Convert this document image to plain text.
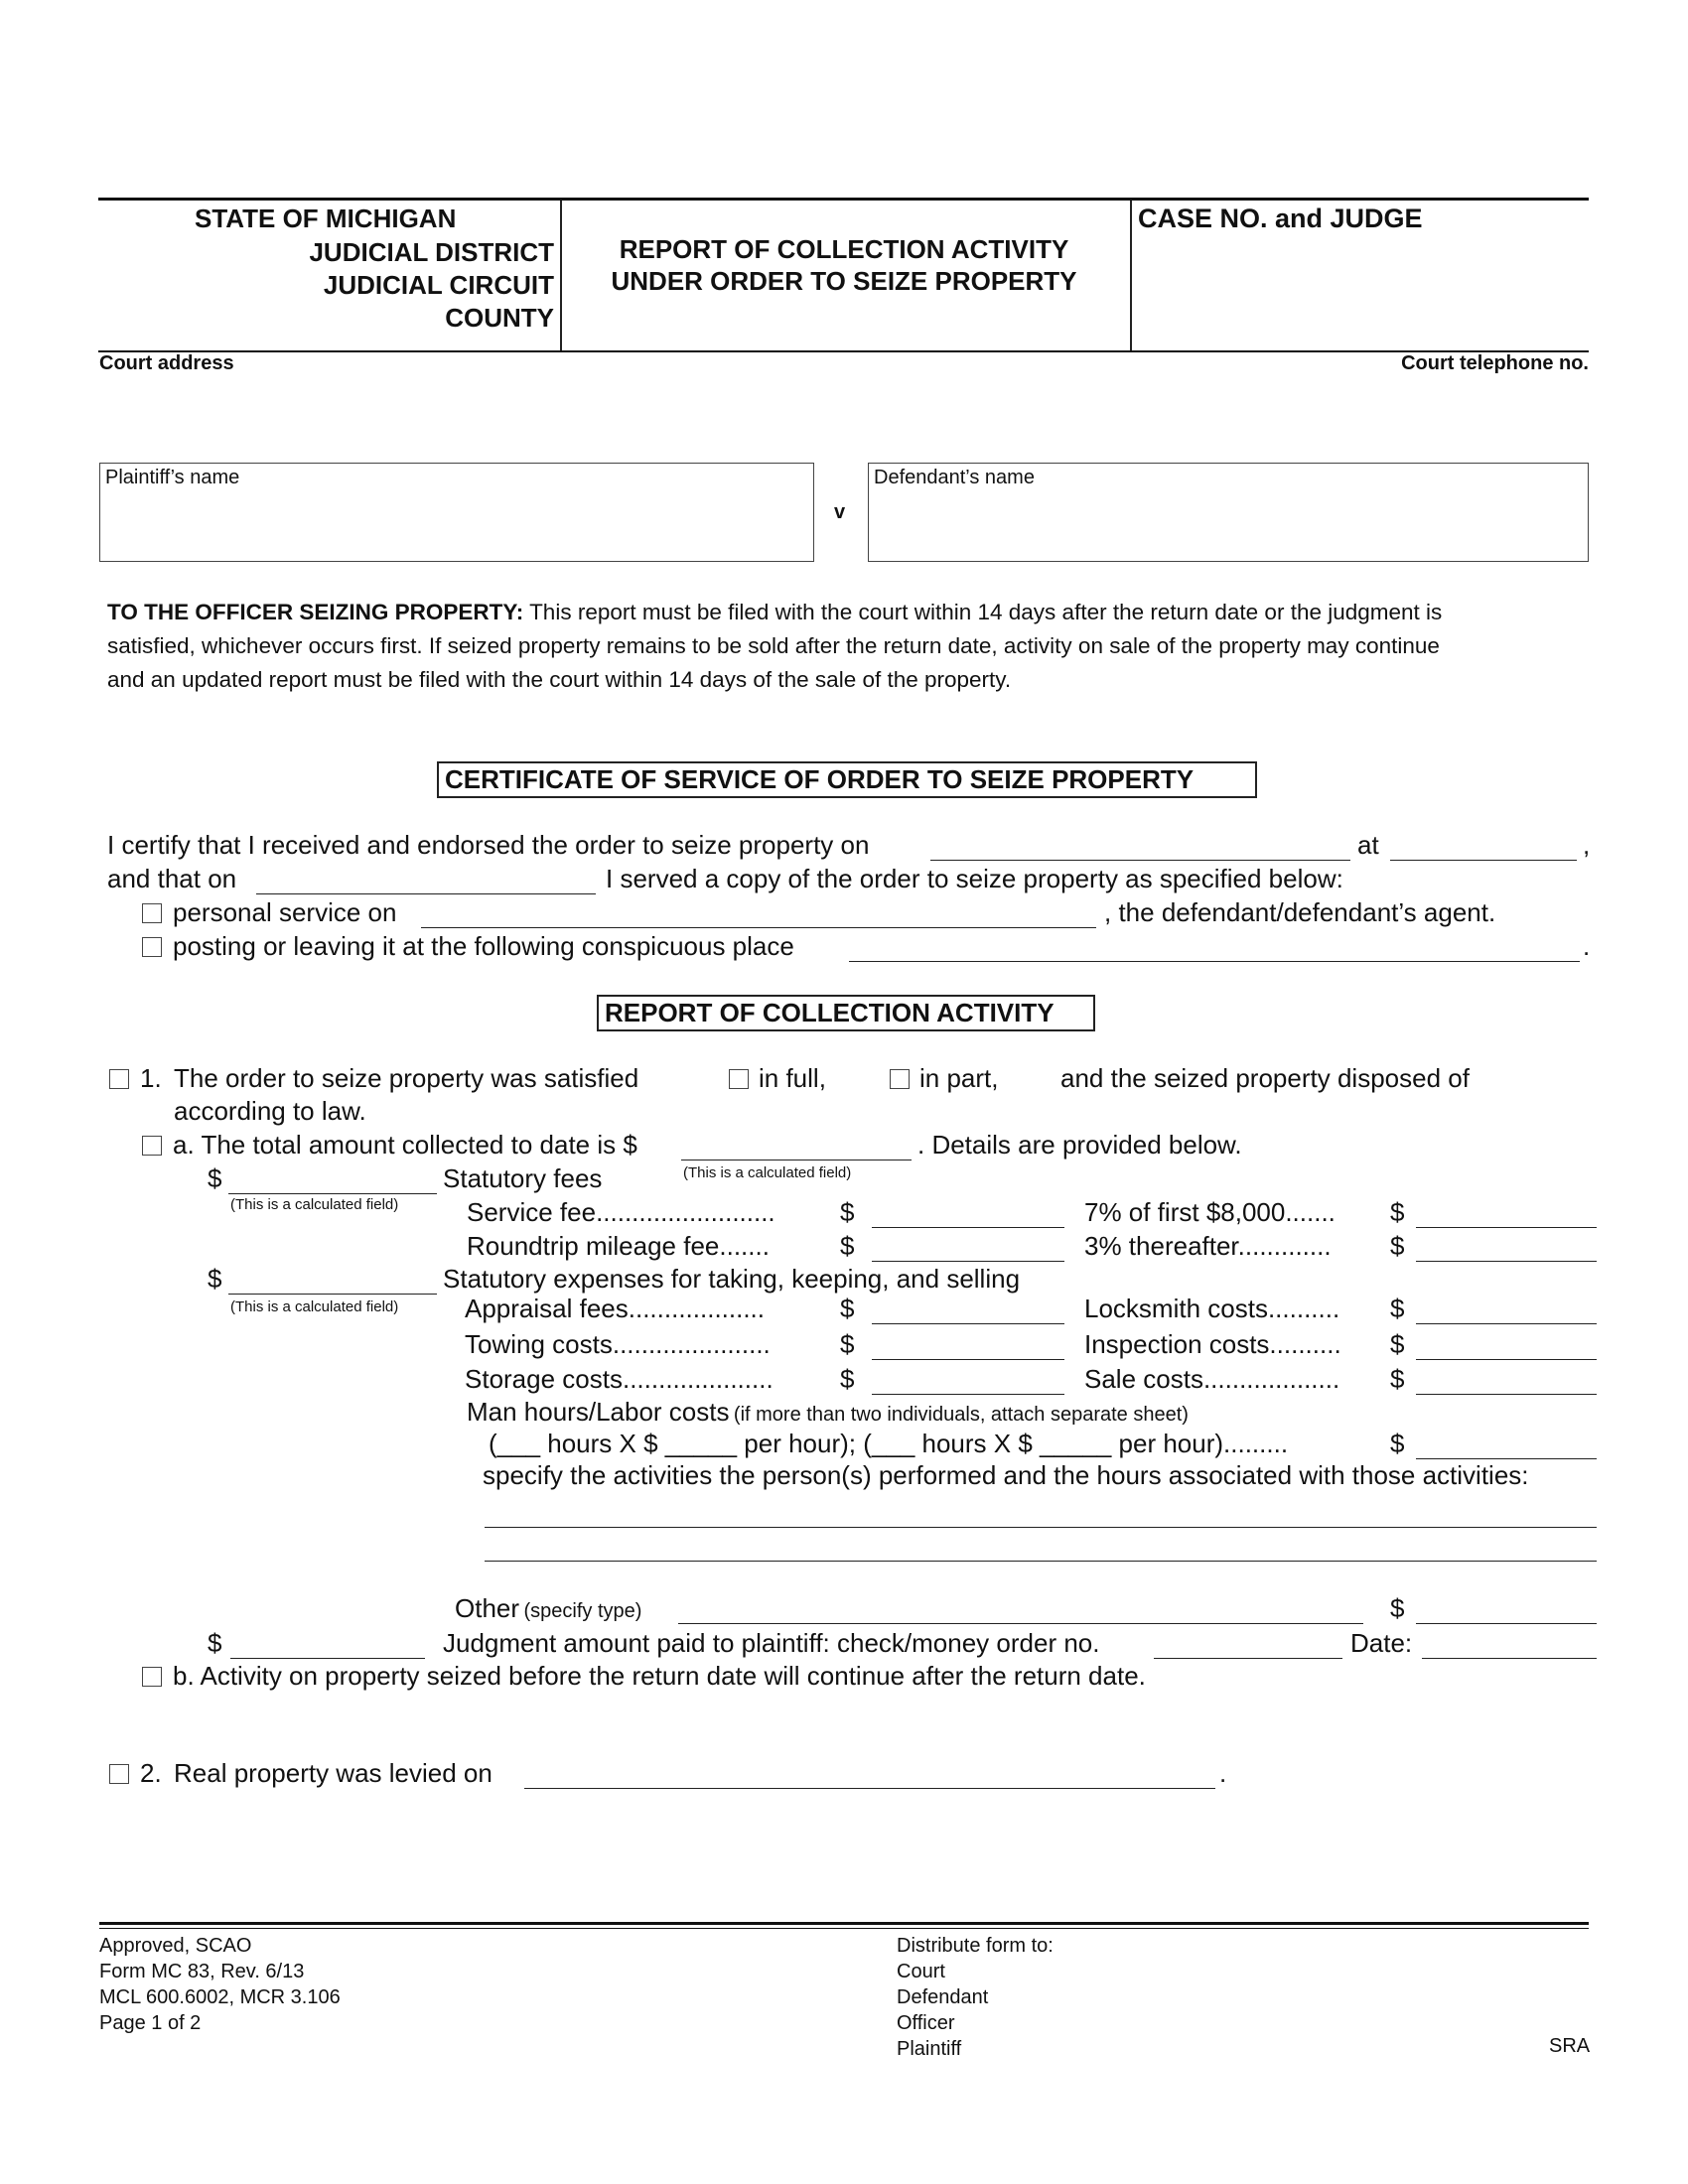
STATE OF MICHIGAN
JUDICIAL DISTRICT
JUDICIAL CIRCUIT
COUNTY
REPORT OF COLLECTION ACTIVITY
UNDER ORDER TO SEIZE PROPERTY
CASE NO. and JUDGE
Court address	Court telephone no.
Plaintiff’s name
v
Defendant’s name
TO THE OFFICER SEIZING PROPERTY: This report must be filed with the court within 14 days after the return date or the judgment is
satisfied, whichever occurs first. If seized property remains to be sold after the return date, activity on sale of the property may continue
and an updated report must be filed with the court within 14 days of the sale of the property.
CERTIFICATE OF SERVICE OF ORDER TO SEIZE PROPERTY
I certify that I received and endorsed the order to seize property on	at	,
and that on	I served a copy of the order to seize property as specified below:
personal service on	, the defendant/defendant’s agent.
posting or leaving it at the following conspicuous place	.
REPORT OF COLLECTION ACTIVITY
1. The order to seize property was satisfied	in full,	in part, and the seized property disposed of
according to law.
a. The total amount collected to date is $	. Details are provided below.
(This is a calculated field)
$	Statutory fees
(This is a calculated field)	Service fee.........................	$	7% of first $8,000....... $
Roundtrip mileage fee.......	$	3% thereafter............. $
$	Statutory expenses for taking, keeping, and selling
(This is a calculated field)	Appraisal fees...................	$	Locksmith costs.......... $
Towing costs......................	$	Inspection costs.......... $
Storage costs.....................	$	Sale costs................... $
Man hours/Labor costs (if more than two individuals, attach separate sheet)
(___ hours X $ _____ per hour); (___ hours X $ _____ per hour).........	$
specify the activities the person(s) performed and the hours associated with those activities:
Other (specify type)	$
$	Judgment amount paid to plaintiff: check/money order no.	Date:
b. Activity on property seized before the return date will continue after the return date.
2. Real property was levied on	.
Approved, SCAO
Form MC 83, Rev. 6/13
MCL 600.6002, MCR 3.106
Page 1 of 2
Distribute form to:
Court
Defendant
Officer
Plaintiff	SRA
